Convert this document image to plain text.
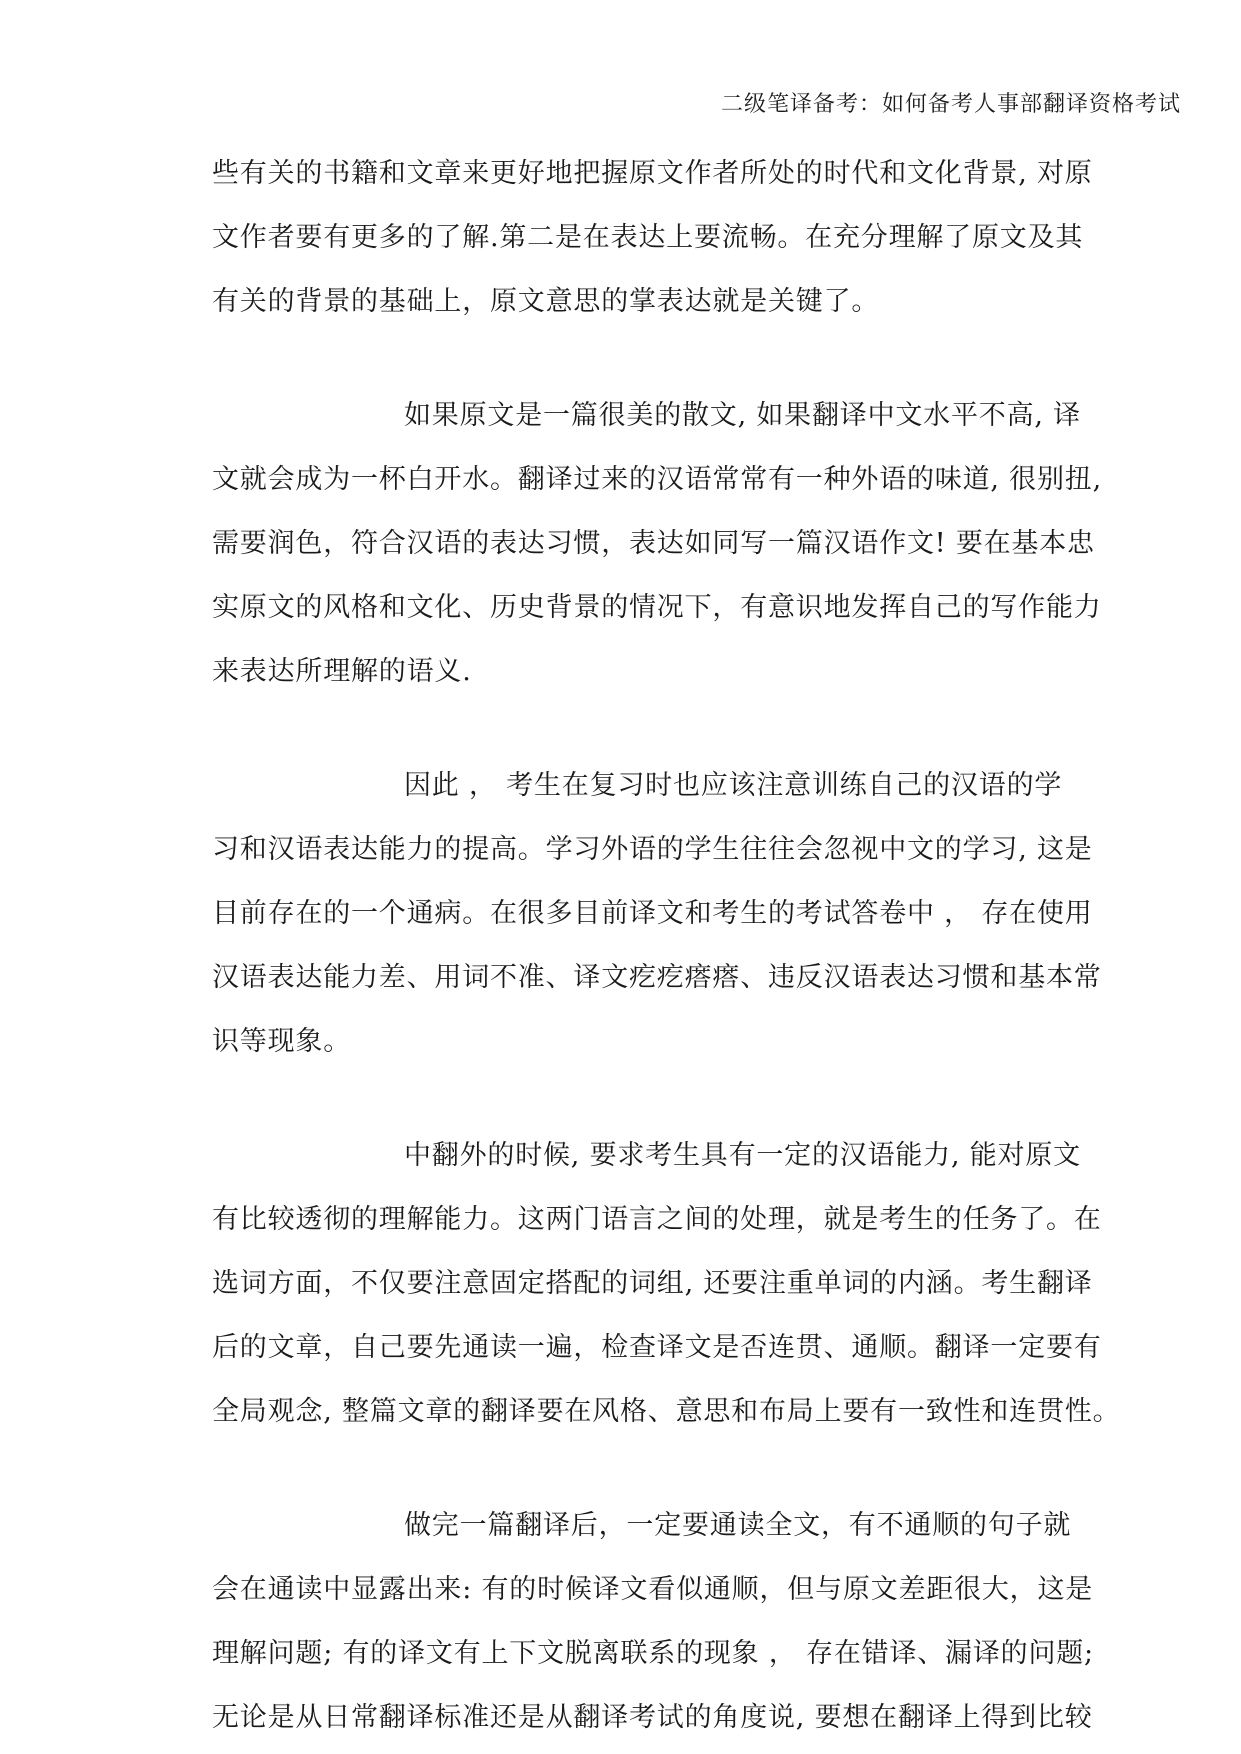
二级笔译备考：如何备考人事部翻译资格考试
些有关的书籍和文章来更好地把握原文作者所处的时代和文化背景, 对原
文作者要有更多的了解.第二是在表达上要流畅。在充分理解了原文及其
有关的背景的基础上，原文意思的掌表达就是关键了。
如果原文是一篇很美的散文, 如果翻译中文水平不高, 译
文就会成为一杯白开水。翻译过来的汉语常常有一种外语的味道, 很别扭,
需要润色，符合汉语的表达习惯，表达如同写一篇汉语作文! 要在基本忠
实原文的风格和文化、历史背景的情况下，有意识地发挥自己的写作能力
来表达所理解的语义.
因此 ， 考生在复习时也应该注意训练自己的汉语的学
习和汉语表达能力的提高。学习外语的学生往往会忽视中文的学习, 这是
目前存在的一个通病。在很多目前译文和考生的考试答卷中 ， 存在使用
汉语表达能力差、用词不准、译文疙疙瘩瘩、违反汉语表达习惯和基本常
识等现象。
中翻外的时候, 要求考生具有一定的汉语能力, 能对原文
有比较透彻的理解能力。这两门语言之间的处理，就是考生的任务了。在
选词方面，不仅要注意固定搭配的词组, 还要注重单词的内涵。考生翻译
后的文章，自己要先通读一遍，检查译文是否连贯、通顺。翻译一定要有
全局观念, 整篇文章的翻译要在风格、意思和布局上要有一致性和连贯性。
做完一篇翻译后，一定要通读全文，有不通顺的句子就
会在通读中显露出来: 有的时候译文看似通顺，但与原文差距很大，这是
理解问题; 有的译文有上下文脱离联系的现象 ， 存在错译、漏译的问题;
无论是从日常翻译标准还是从翻译考试的角度说, 要想在翻译上得到比较
